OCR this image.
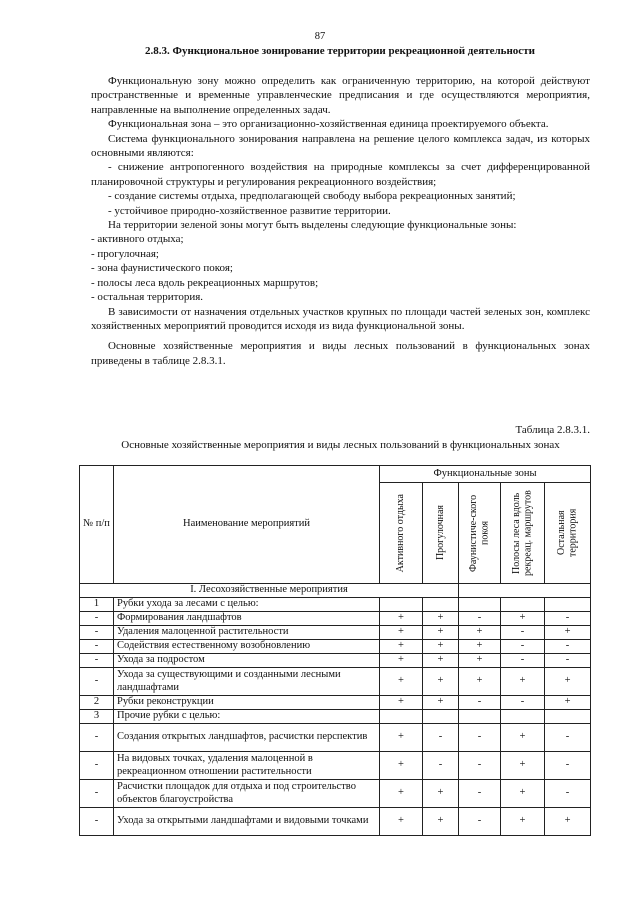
87
2.8.3. Функциональное зонирование территории рекреационной деятельности

Функциональную зону можно определить как ограниченную территорию, на которой действуют пространственные и временные управленческие предписания и где осуществляются мероприятия, направленные на выполнение определенных задач.

Функциональная зона – это организационно-хозяйственная единица проектируемого объекта.

Система функционального зонирования направлена на решение целого комплекса задач, из которых основными являются:

- снижение антропогенного воздействия на природные комплексы за счет дифференцированной планировочной структуры и регулирования рекреационного воздействия;

- создание системы отдыха, предполагающей свободу выбора рекреационных занятий;

- устойчивое природно-хозяйственное развитие территории.

На территории зеленой зоны могут быть выделены следующие функциональные зоны:

- активного отдыха;

- прогулочная;

- зона фаунистического покоя;

- полосы леса вдоль рекреационных маршрутов;

- остальная территория.

В зависимости от назначения отдельных участков крупных по площади частей зеленых зон, комплекс хозяйственных мероприятий проводится исходя из вида функциональной зоны.

Основные хозяйственные мероприятия и виды лесных пользований в функциональных зонах приведены в таблице 2.8.3.1.

Таблица 2.8.3.1.
Основные хозяйственные мероприятия и виды лесных пользований в функциональных зонах
№ п/п	Наименование мероприятий	Функциональные зоны				

		Активного отдыха	Прогулочная	Фаунистиче-ского покоя	Полосы леса вдоль рекреац. маршрутов	Остальная территория

I. Лесохозяйственные мероприятия						
1	Рубки ухода за лесами с целью:					
-	Формирования ландшафтов	+	+	-	+	-
-	Удаления малоценной растительности	+	+	+	-	+
-	Содействия естественному возобновлению	+	+	+	-	-
-	Ухода за подростом	+	+	+	-	-
-	Ухода за существующими и созданными лесными ландшафтами	+	+	+	+	+
2	Рубки реконструкции	+	+	-	-	+
3	Прочие рубки с целью:					
-	Создания открытых ландшафтов, расчистки перспектив	+	-	-	+	-
-	На видовых точках, удаления малоценной в рекреационном отношении растительности	+	-	-	+	-
-	Расчистки площадок для отдыха и под строительство объектов благоустройства	+	+	-	+	-
-	Ухода за открытыми ландшафтами и видовыми точками	+	+	-	+	+
